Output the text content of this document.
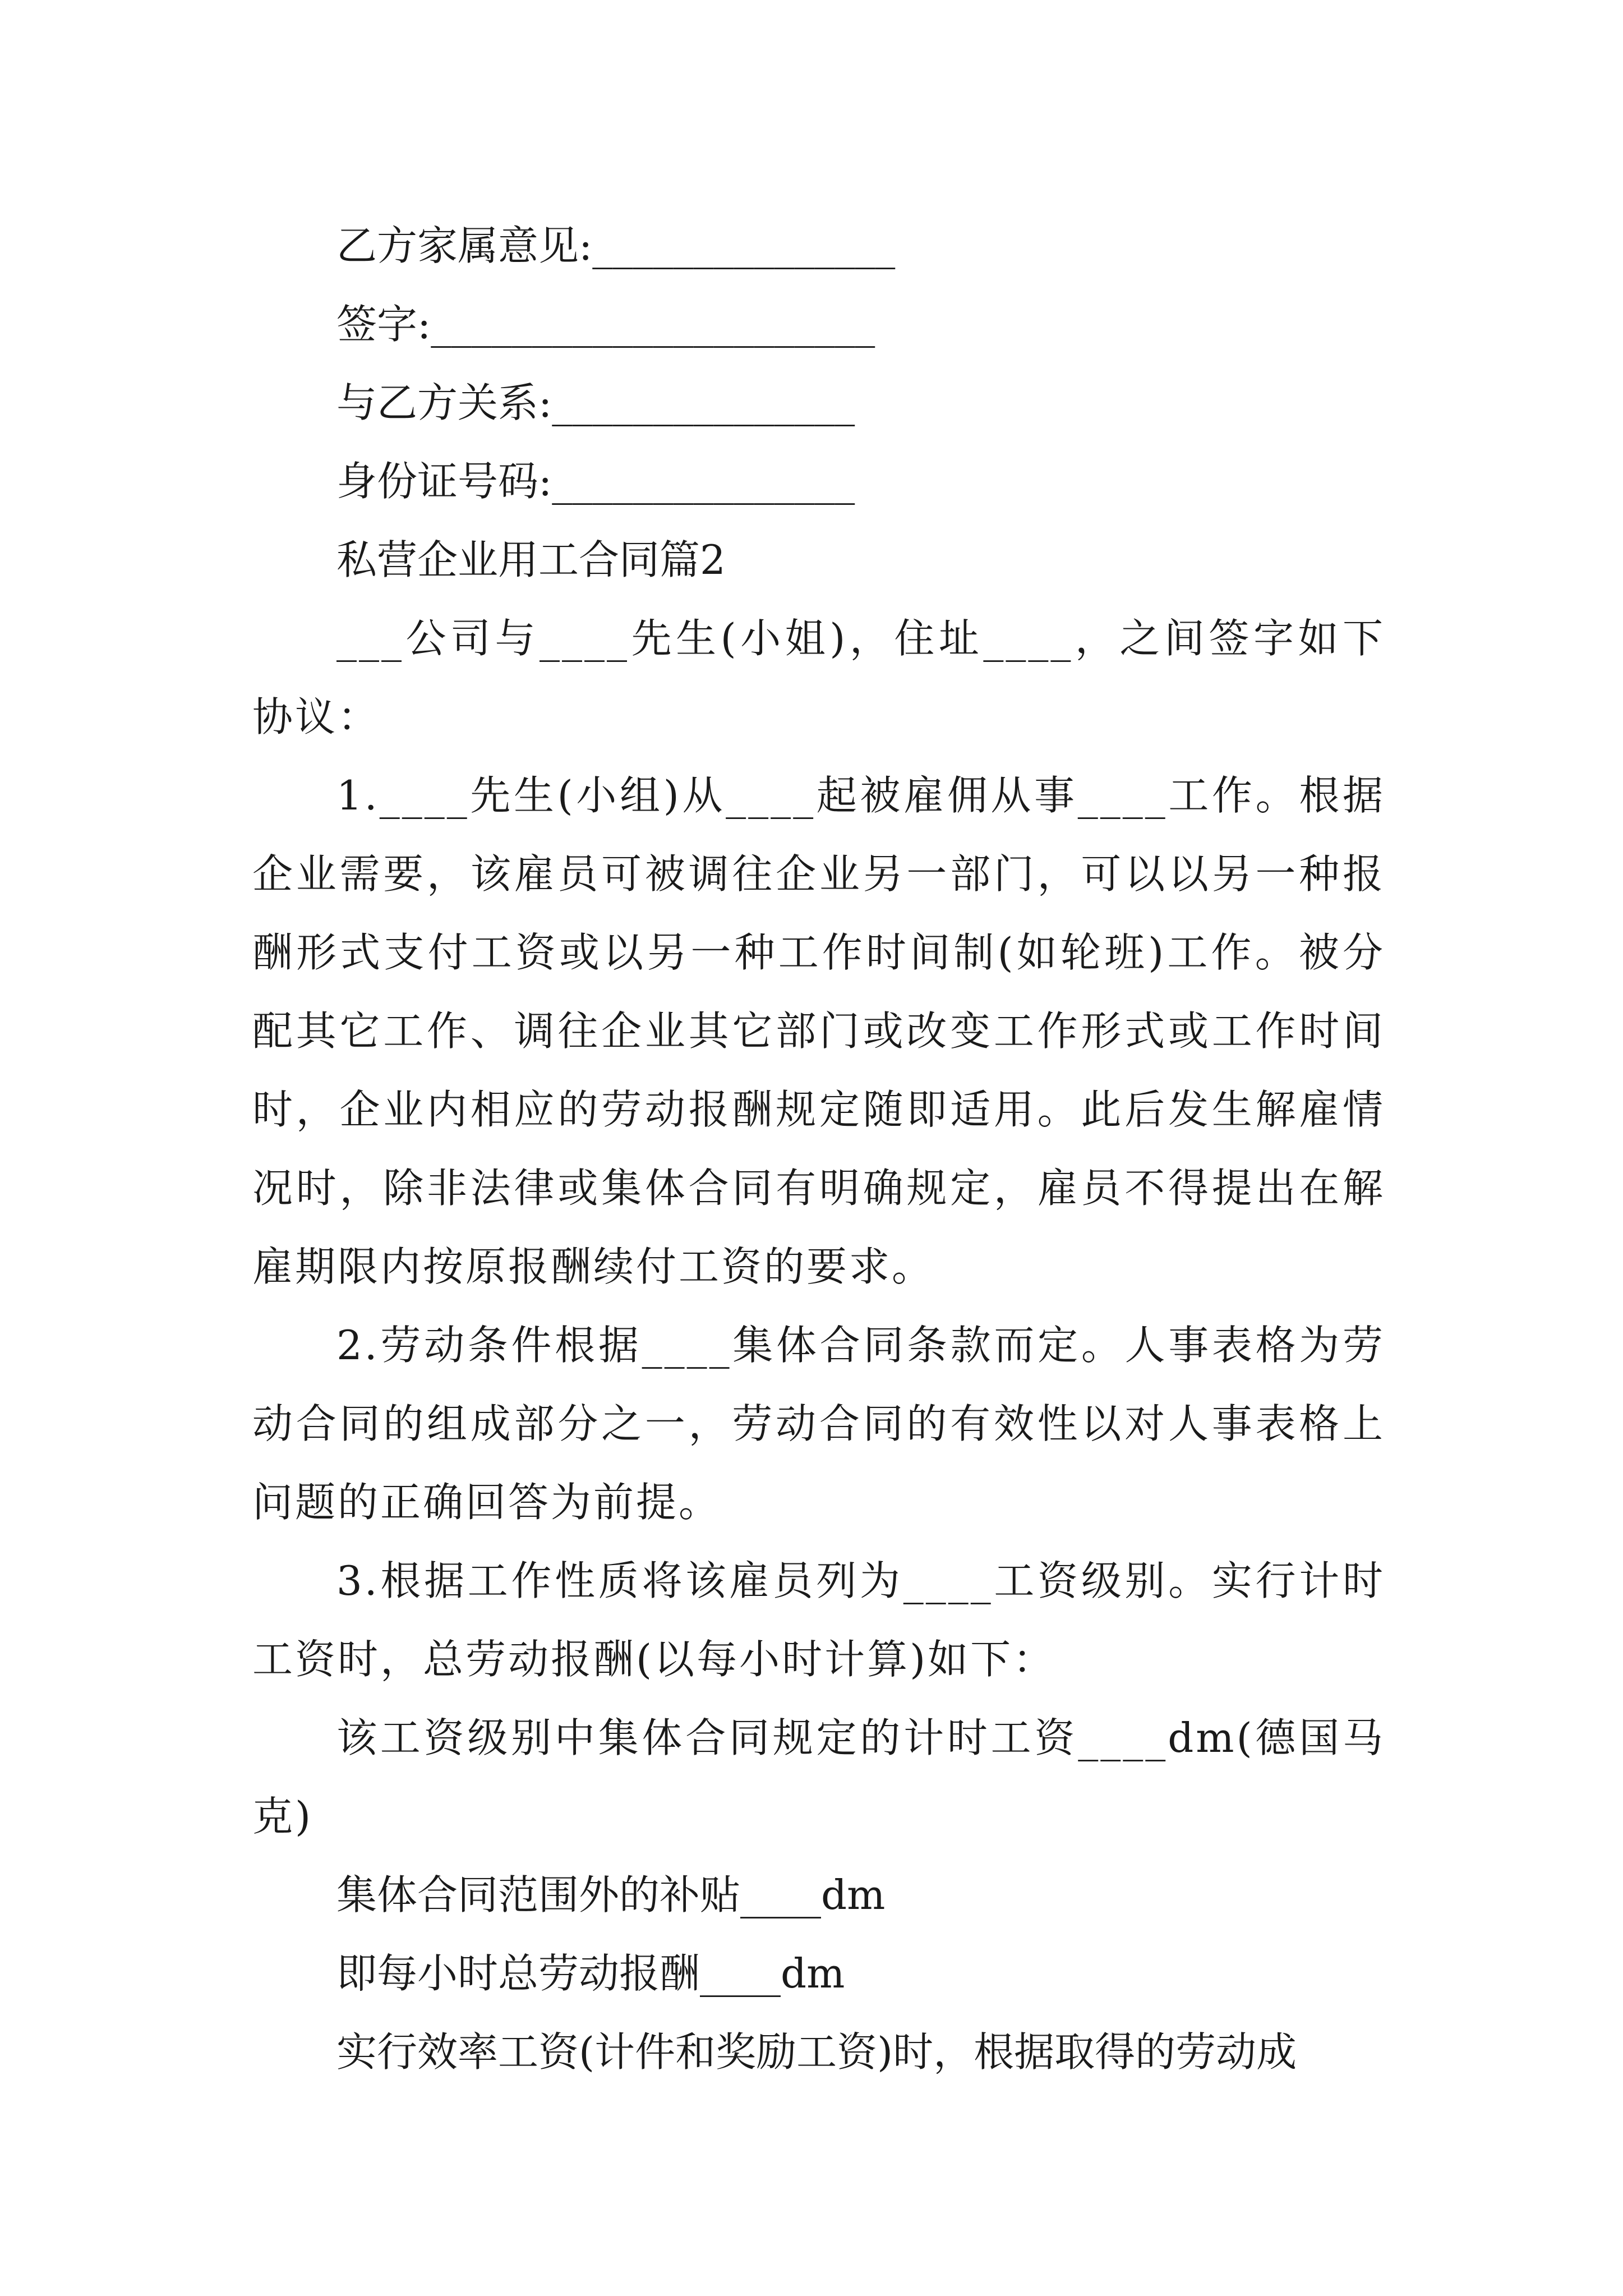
乙方家属意见:_______________

签字:______________________

与乙方关系:_______________

身份证号码:_______________

私营企业用工合同篇2

___公司与____先生(小姐)，住址____，之间签字如下协议：

1.____先生(小组)从____起被雇佣从事____工作。根据企业需要，该雇员可被调往企业另一部门，可以以另一种报酬形式支付工资或以另一种工作时间制(如轮班)工作。被分配其它工作、调往企业其它部门或改变工作形式或工作时间时，企业内相应的劳动报酬规定随即适用。此后发生解雇情况时，除非法律或集体合同有明确规定，雇员不得提出在解雇期限内按原报酬续付工资的要求。

2.劳动条件根据____集体合同条款而定。人事表格为劳动合同的组成部分之一，劳动合同的有效性以对人事表格上问题的正确回答为前提。

3.根据工作性质将该雇员列为____工资级别。实行计时工资时，总劳动报酬(以每小时计算)如下：

该工资级别中集体合同规定的计时工资____dm(德国马克)

集体合同范围外的补贴____dm

即每小时总劳动报酬____dm

实行效率工资(计件和奖励工资)时，根据取得的劳动成
